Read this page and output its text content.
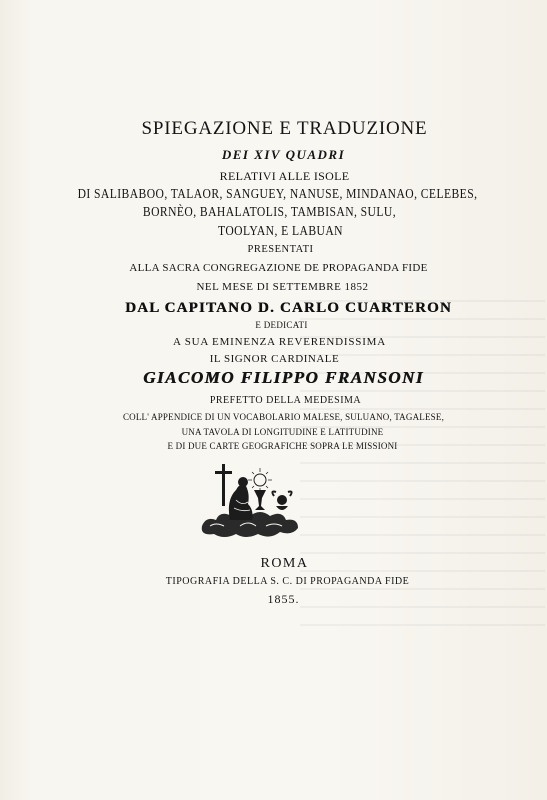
SPIEGAZIONE E TRADUZIONE
DEI XIV QUADRI
RELATIVI ALLE ISOLE
DI SALIBABOO, TALAOR, SANGUEY, NANUSE, MINDANAO, CELEBES,
BORNÈO, BAHALATOLIS, TAMBISAN, SULU,
TOOLYAN, E LABUAN
PRESENTATI
ALLA SACRA CONGREGAZIONE DE PROPAGANDA FIDE
NEL MESE DI SETTEMBRE 1852
DAL CAPITANO D. CARLO CUARTERON
E DEDICATI
A SUA EMINENZA REVERENDISSIMA
IL SIGNOR CARDINALE
GIACOMO FILIPPO FRANSONI
PREFETTO DELLA MEDESIMA
COLL' APPENDICE DI UN VOCABOLARIO MALESE, SULUANO, TAGALESE,
UNA TAVOLA DI LONGITUDINE E LATITUDINE
E DI DUE CARTE GEOGRAFICHE SOPRA LE MISSIONI
ROMA
TIPOGRAFIA DELLA S. C. DI PROPAGANDA FIDE
1855.
